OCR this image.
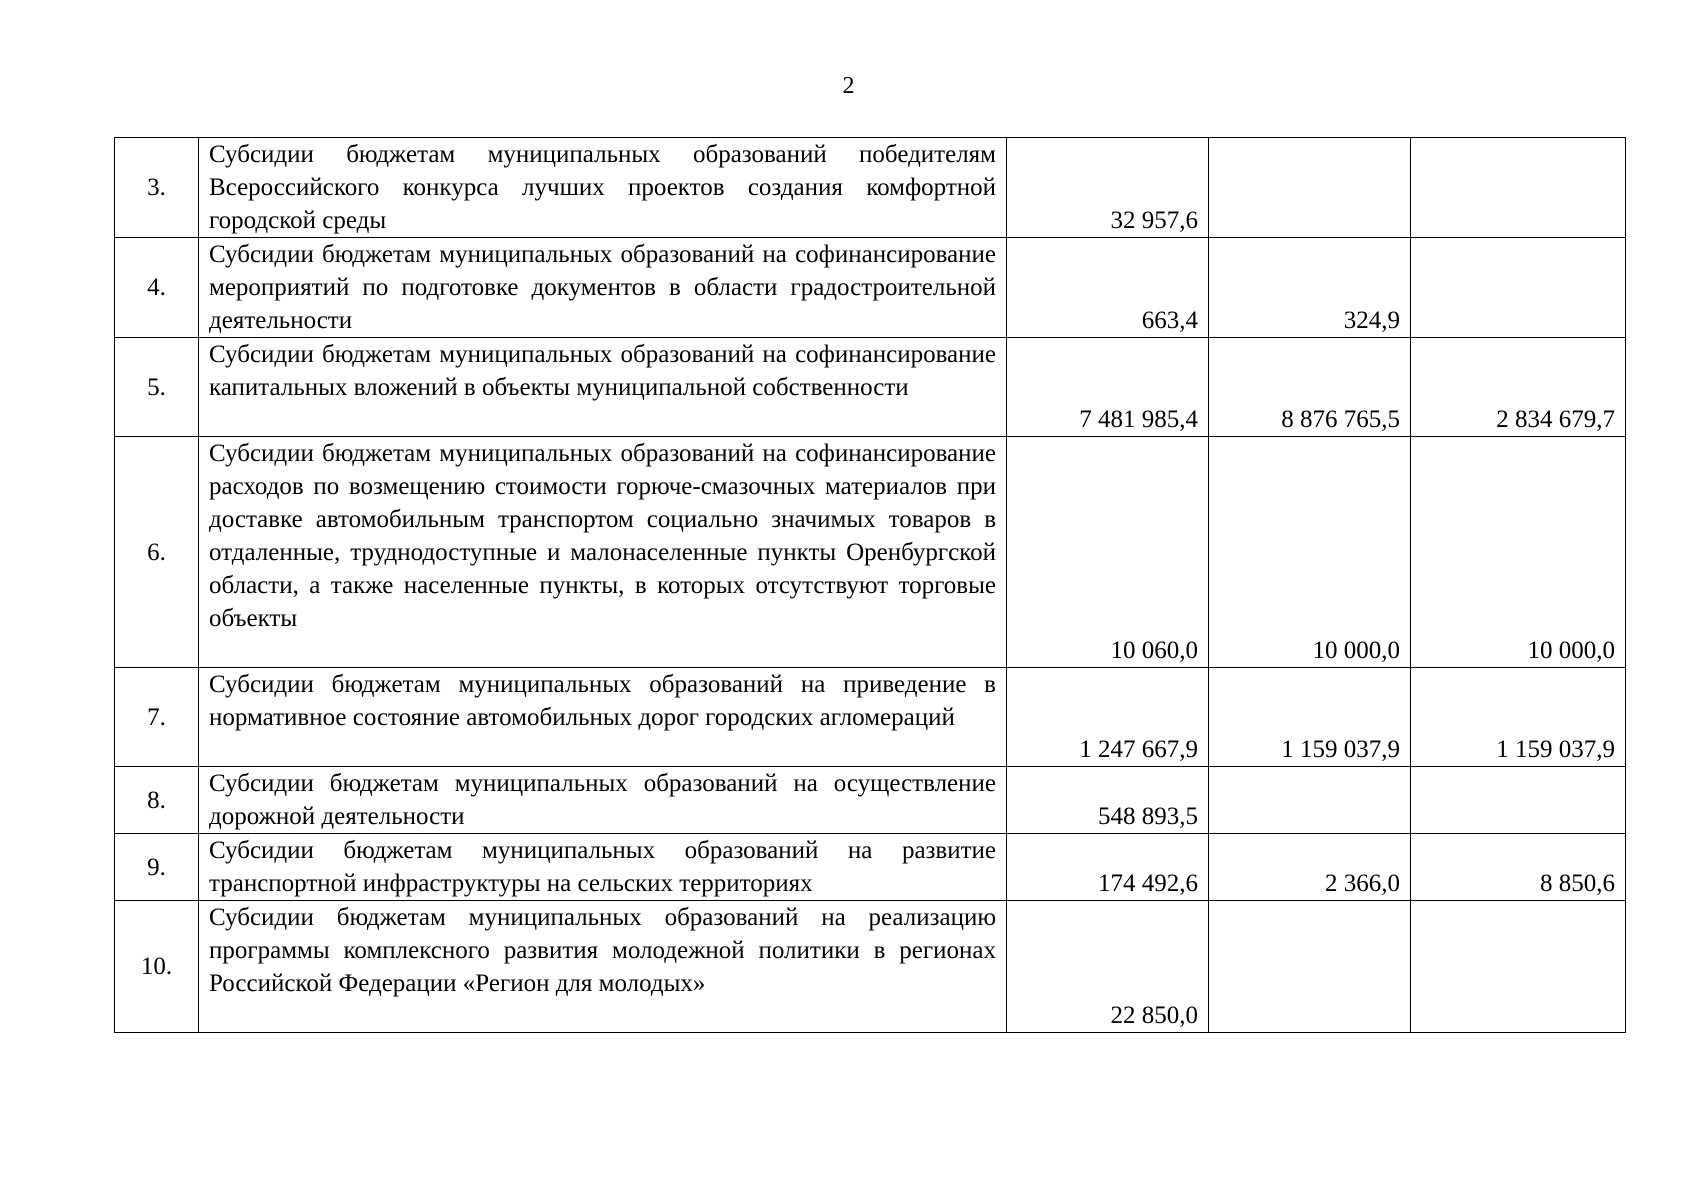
2
3.	Субсидии бюджетам муниципальных образований победителям Всероссийского конкурса лучших проектов создания комфортной городской среды	32 957,6		
4.	Субсидии бюджетам муниципальных образований на софинансирование мероприятий по подготовке документов в области градостроительной деятельности	663,4	324,9	
5.	Субсидии бюджетам муниципальных образований на софинансирование капитальных вложений в объекты муниципальной собственности	7 481 985,4	8 876 765,5	2 834 679,7
6.	Субсидии бюджетам муниципальных образований на софинансирование расходов по возмещению стоимости горюче-смазочных материалов при доставке автомобильным транспортом социально значимых товаров в отдаленные, труднодоступные и малонаселенные пункты Оренбургской области, а также населенные пункты, в которых отсутствуют торговые объекты	10 060,0	10 000,0	10 000,0
7.	Субсидии бюджетам муниципальных образований на приведение в нормативное состояние автомобильных дорог городских агломераций	1 247 667,9	1 159 037,9	1 159 037,9
8.	Субсидии бюджетам муниципальных образований на осуществление дорожной деятельности	548 893,5		
9.	Субсидии бюджетам муниципальных образований на развитие транспортной инфраструктуры на сельских территориях	174 492,6	2 366,0	8 850,6
10.	Субсидии бюджетам муниципальных образований на реализацию программы комплексного развития молодежной политики в регионах Российской Федерации «Регион для молодых»	22 850,0		
